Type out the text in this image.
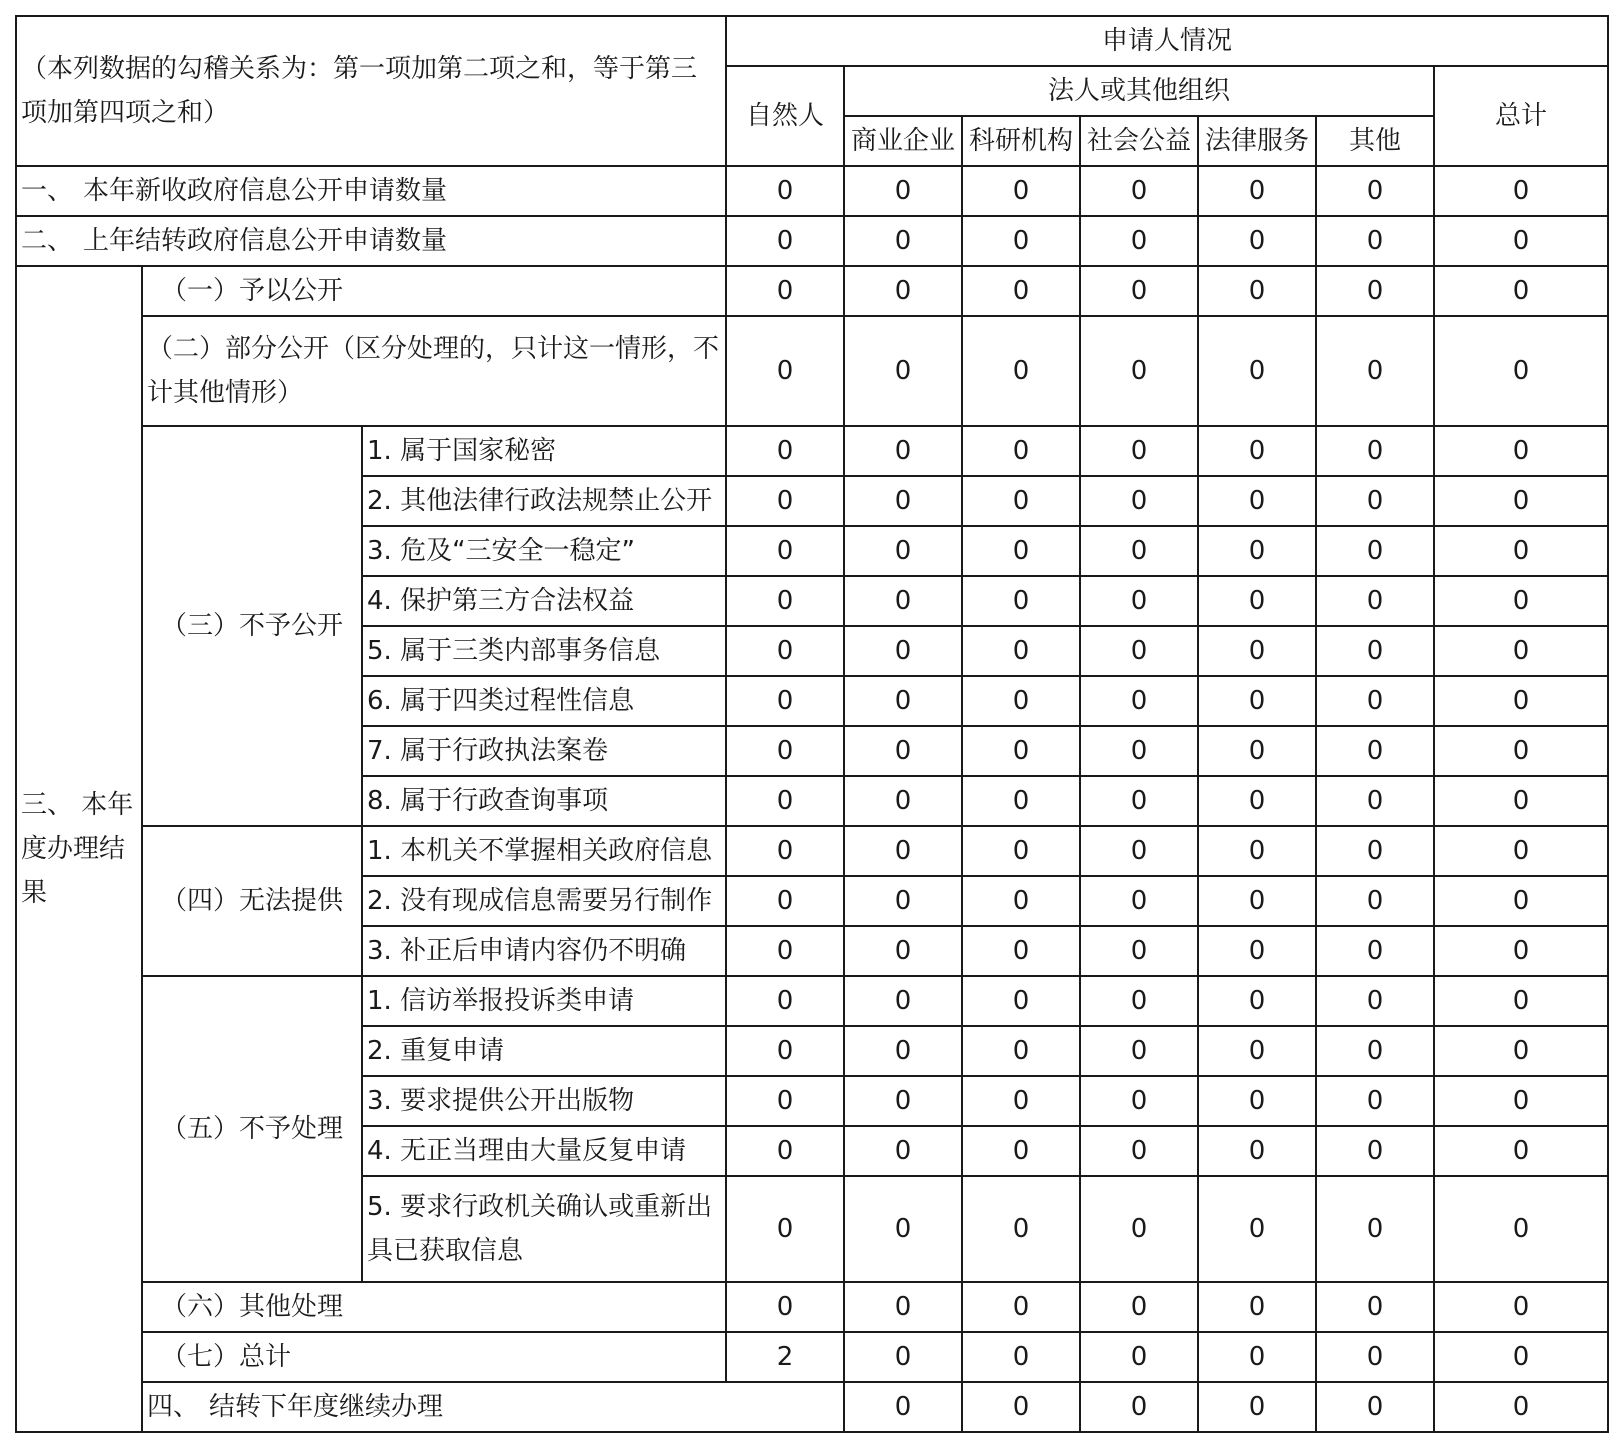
（本列数据的勾稽关系为：第一项加第二项之和，等于第三项加第四项之和）			申请人情况							
			自然人	法人或其他组织					总计	
				商业企业	科研机构	社会公益	法律服务	其他		
一、 本年新收政府信息公开申请数量			0	0	0	0	0	0	0	
二、 上年结转政府信息公开申请数量			0	0	0	0	0	0	0	
三、 本年度办理结果	（一）予以公开		0	0	0	0	0	0	0	
	（二）部分公开（区分处理的，只计这一情形，不计其他情形）		0	0	0	0	0	0	0	
	（三）不予公开	1. 属于国家秘密	0	0	0	0	0	0	0	
		2. 其他法律行政法规禁止公开	0	0	0	0	0	0	0	
		3. 危及“三安全一稳定”	0	0	0	0	0	0	0	
		4. 保护第三方合法权益	0	0	0	0	0	0	0	
		5. 属于三类内部事务信息	0	0	0	0	0	0	0	
		6. 属于四类过程性信息	0	0	0	0	0	0	0	
		7. 属于行政执法案卷	0	0	0	0	0	0	0	
		8. 属于行政查询事项	0	0	0	0	0	0	0	
	（四）无法提供	1. 本机关不掌握相关政府信息	0	0	0	0	0	0	0	
		2. 没有现成信息需要另行制作	0	0	0	0	0	0	0	
		3. 补正后申请内容仍不明确	0	0	0	0	0	0	0	
	（五）不予处理	1. 信访举报投诉类申请	0	0	0	0	0	0	0	
		2. 重复申请	0	0	0	0	0	0	0	
		3. 要求提供公开出版物	0	0	0	0	0	0	0	
		4. 无正当理由大量反复申请	0	0	0	0	0	0	0	
		5. 要求行政机关确认或重新出具已获取信息	0	0	0	0	0	0	0	
	（六）其他处理		0	0	0	0	0	0	0	
	（七）总计		2	0	0	0	0	0	0	
	四、 结转下年度继续办理			0	0	0	0	0	0	
